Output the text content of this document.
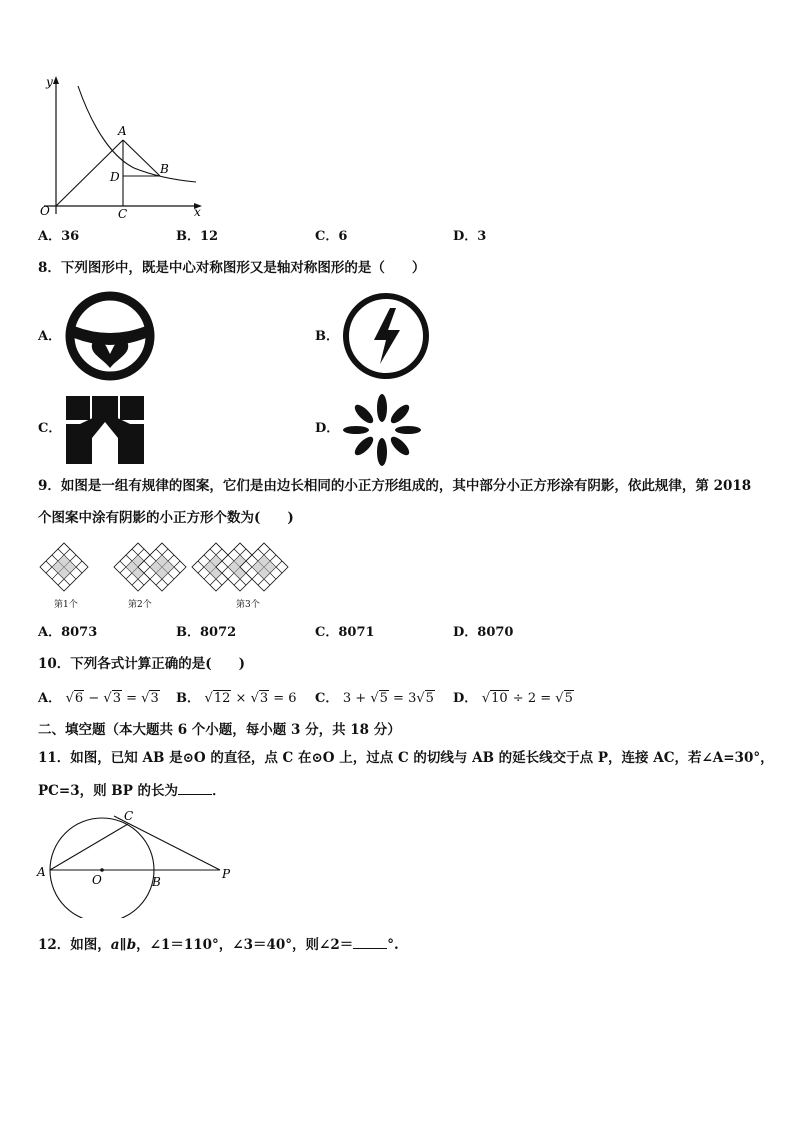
y
x
O
A
B
C
D
A．36	B．12	C．6	D．3
8．下列图形中，既是中心对称图形又是轴对称图形的是（　　）
A．	B．
C．	D．
9．如图是一组有规律的图案，它们是由边长相同的小正方形组成的，其中部分小正方形涂有阴影，依此规律，第 2018
个图案中涂有阴影的小正方形个数为(　　)
第1个	第2个	第3个
A．8073	B．8072	C．8071	D．8070
10．下列各式计算正确的是(　　)
A． √6 − √3 = √3 B． √12 × √3 = 6 C． 3 + √5 = 3√5 D． √10 ÷ 2 = √5
二、填空题（本大题共 6 个小题，每小题 3 分，共 18 分）
11．如图，已知 AB 是⊙O 的直径，点 C 在⊙O 上，过点 C 的切线与 AB 的延长线交于点 P，连接 AC，若∠A=30°，
PC=3，则 BP 的长为	．
A
O	B
P
C
12．如图，a∥b，∠1＝110°，∠3＝40°，则∠2＝	°.
